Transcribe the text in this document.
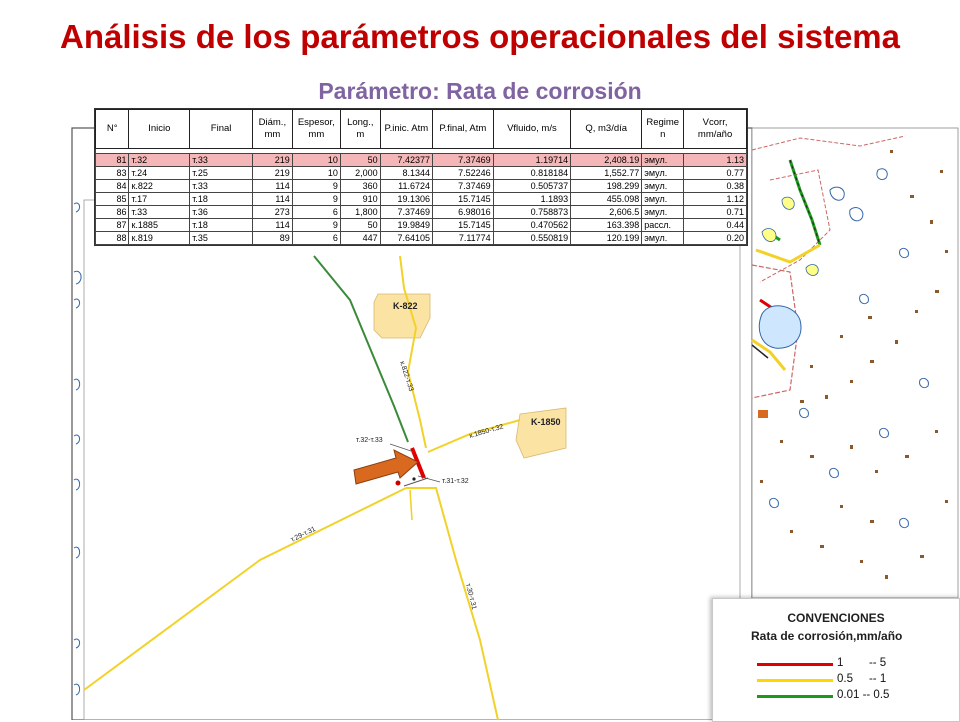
K-822
K-1850
к.822-т.33
к.1850-т.32
т.32-т.33
т.31-т.32
т.29-т.31
т.30-т.31
Análisis de los parámetros operacionales del sistema
Parámetro: Rata de corrosión
N°	Inicio	Final	Diám., mm	Espesor, mm	Long., m	P.inic. Atm	P.final, Atm	Vfluido, m/s	Q, m3/día	Regime n	Vcorr, mm/año

81	т.32	т.33	219	10	50	7.42377	7.37469	1.19714	2,408.19	эмул.	1.13
83	т.24	т.25	219	10	2,000	8.1344	7.52246	0.818184	1,552.77	эмул.	0.77
84	к.822	т.33	114	9	360	11.6724	7.37469	0.505737	198.299	эмул.	0.38
85	т.17	т.18	114	9	910	19.1306	15.7145	1.1893	455.098	эмул.	1.12
86	т.33	т.36	273	6	1,800	7.37469	6.98016	0.758873	2,606.5	эмул.	0.71
87	к.1885	т.18	114	9	50	19.9849	15.7145	0.470562	163.398	рассл.	0.44
88	к.819	т.35	89	6	447	7.64105	7.11774	0.550819	120.199	эмул.	0.20
CONVENCIONES
Rata de corrosión,mm/año
1        -- 5
0.5     -- 1
0.01 -- 0.5
